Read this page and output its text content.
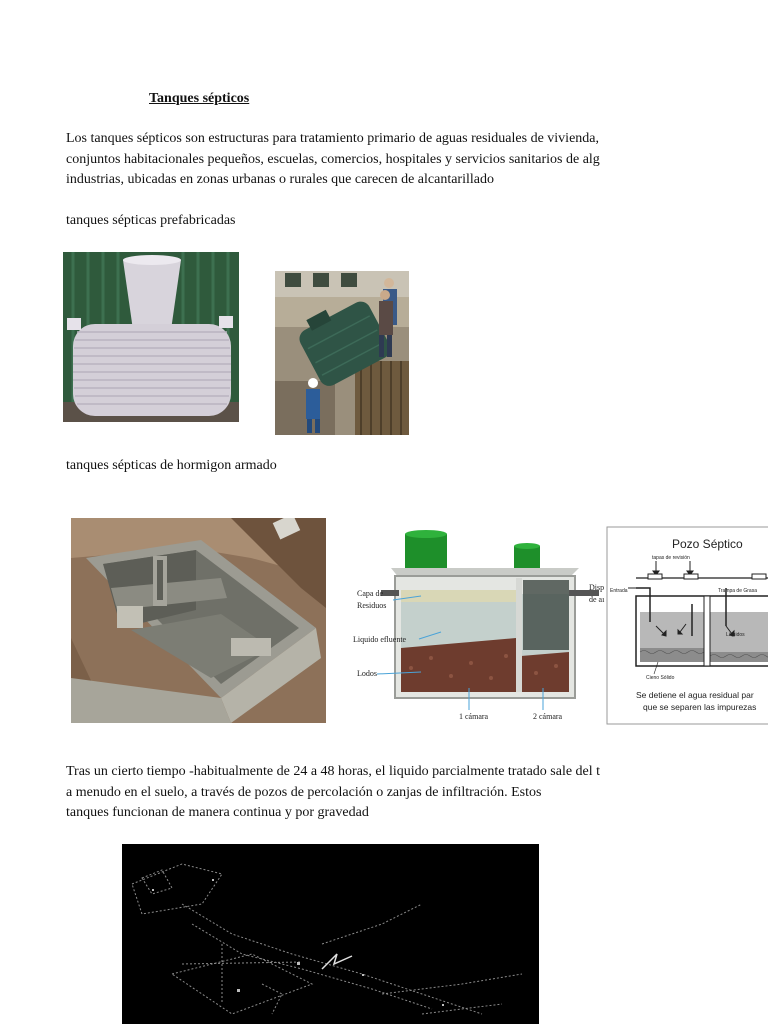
Tanques sépticos
Los tanques sépticos son estructuras para tratamiento primario de aguas residuales de vivienda,
conjuntos habitacionales pequeños, escuelas, comercios, hospitales y servicios sanitarios de alg
industrias, ubicadas en zonas urbanas o rurales que carecen de alcantarillado
tanques sépticas prefabricadas
tanques sépticas de hormigon armado
Capa de
Residuos
Liquido efluente
Lodos
Disp
de aı
1 cámara	2 cámara
Pozo Séptico
tapas de revisión
Entrada	Trampa de Grasa
Liquidos
Cieno Sólido
Se detiene el agua residual par
que se separen las impurezas
Tras un cierto tiempo -habitualmente de 24 a 48 horas, el liquido parcialmente tratado sale del t
a menudo en el suelo, a través de pozos de percolación o zanjas de infiltración. Estos
tanques funcionan de manera continua y por gravedad
